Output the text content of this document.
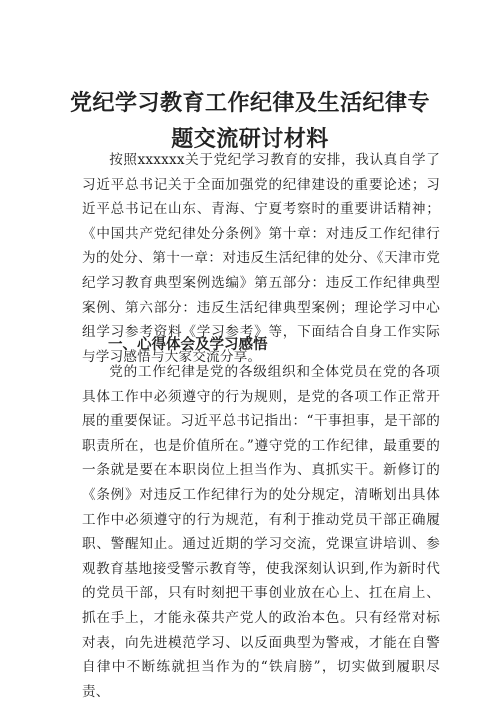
党纪学习教育工作纪律及生活纪律专题交流研讨材料

按照xxxxxx关于党纪学习教育的安排，我认真自学了习近平总书记关于全面加强党的纪律建设的重要论述；习近平总书记在山东、青海、宁夏考察时的重要讲话精神；《中国共产党纪律处分条例》第十章：对违反工作纪律行为的处分、第十一章：对违反生活纪律的处分、《天津市党纪学习教育典型案例选编》第五部分：违反工作纪律典型案例、第六部分：违反生活纪律典型案例；理论学习中心组学习参考资料《学习参考》等，下面结合自身工作实际与学习感悟与大家交流分享。

一、心得体会及学习感悟

党的工作纪律是党的各级组织和全体党员在党的各项具体工作中必须遵守的行为规则，是党的各项工作正常开展的重要保证。习近平总书记指出：“干事担事，是干部的职责所在，也是价值所在。”遵守党的工作纪律，最重要的一条就是要在本职岗位上担当作为、真抓实干。新修订的《条例》对违反工作纪律行为的处分规定，清晰划出具体工作中必须遵守的行为规范，有利于推动党员干部正确履职、警醒知止。通过近期的学习交流，党课宣讲培训、参观教育基地接受警示教育等，使我深刻认识到,作为新时代的党员干部，只有时刻把干事创业放在心上、扛在肩上、抓在手上，才能永葆共产党人的政治本色。只有经常对标对表，向先进模范学习、以反面典型为警戒，才能在自警自律中不断练就担当作为的“铁肩膀”，切实做到履职尽责、
